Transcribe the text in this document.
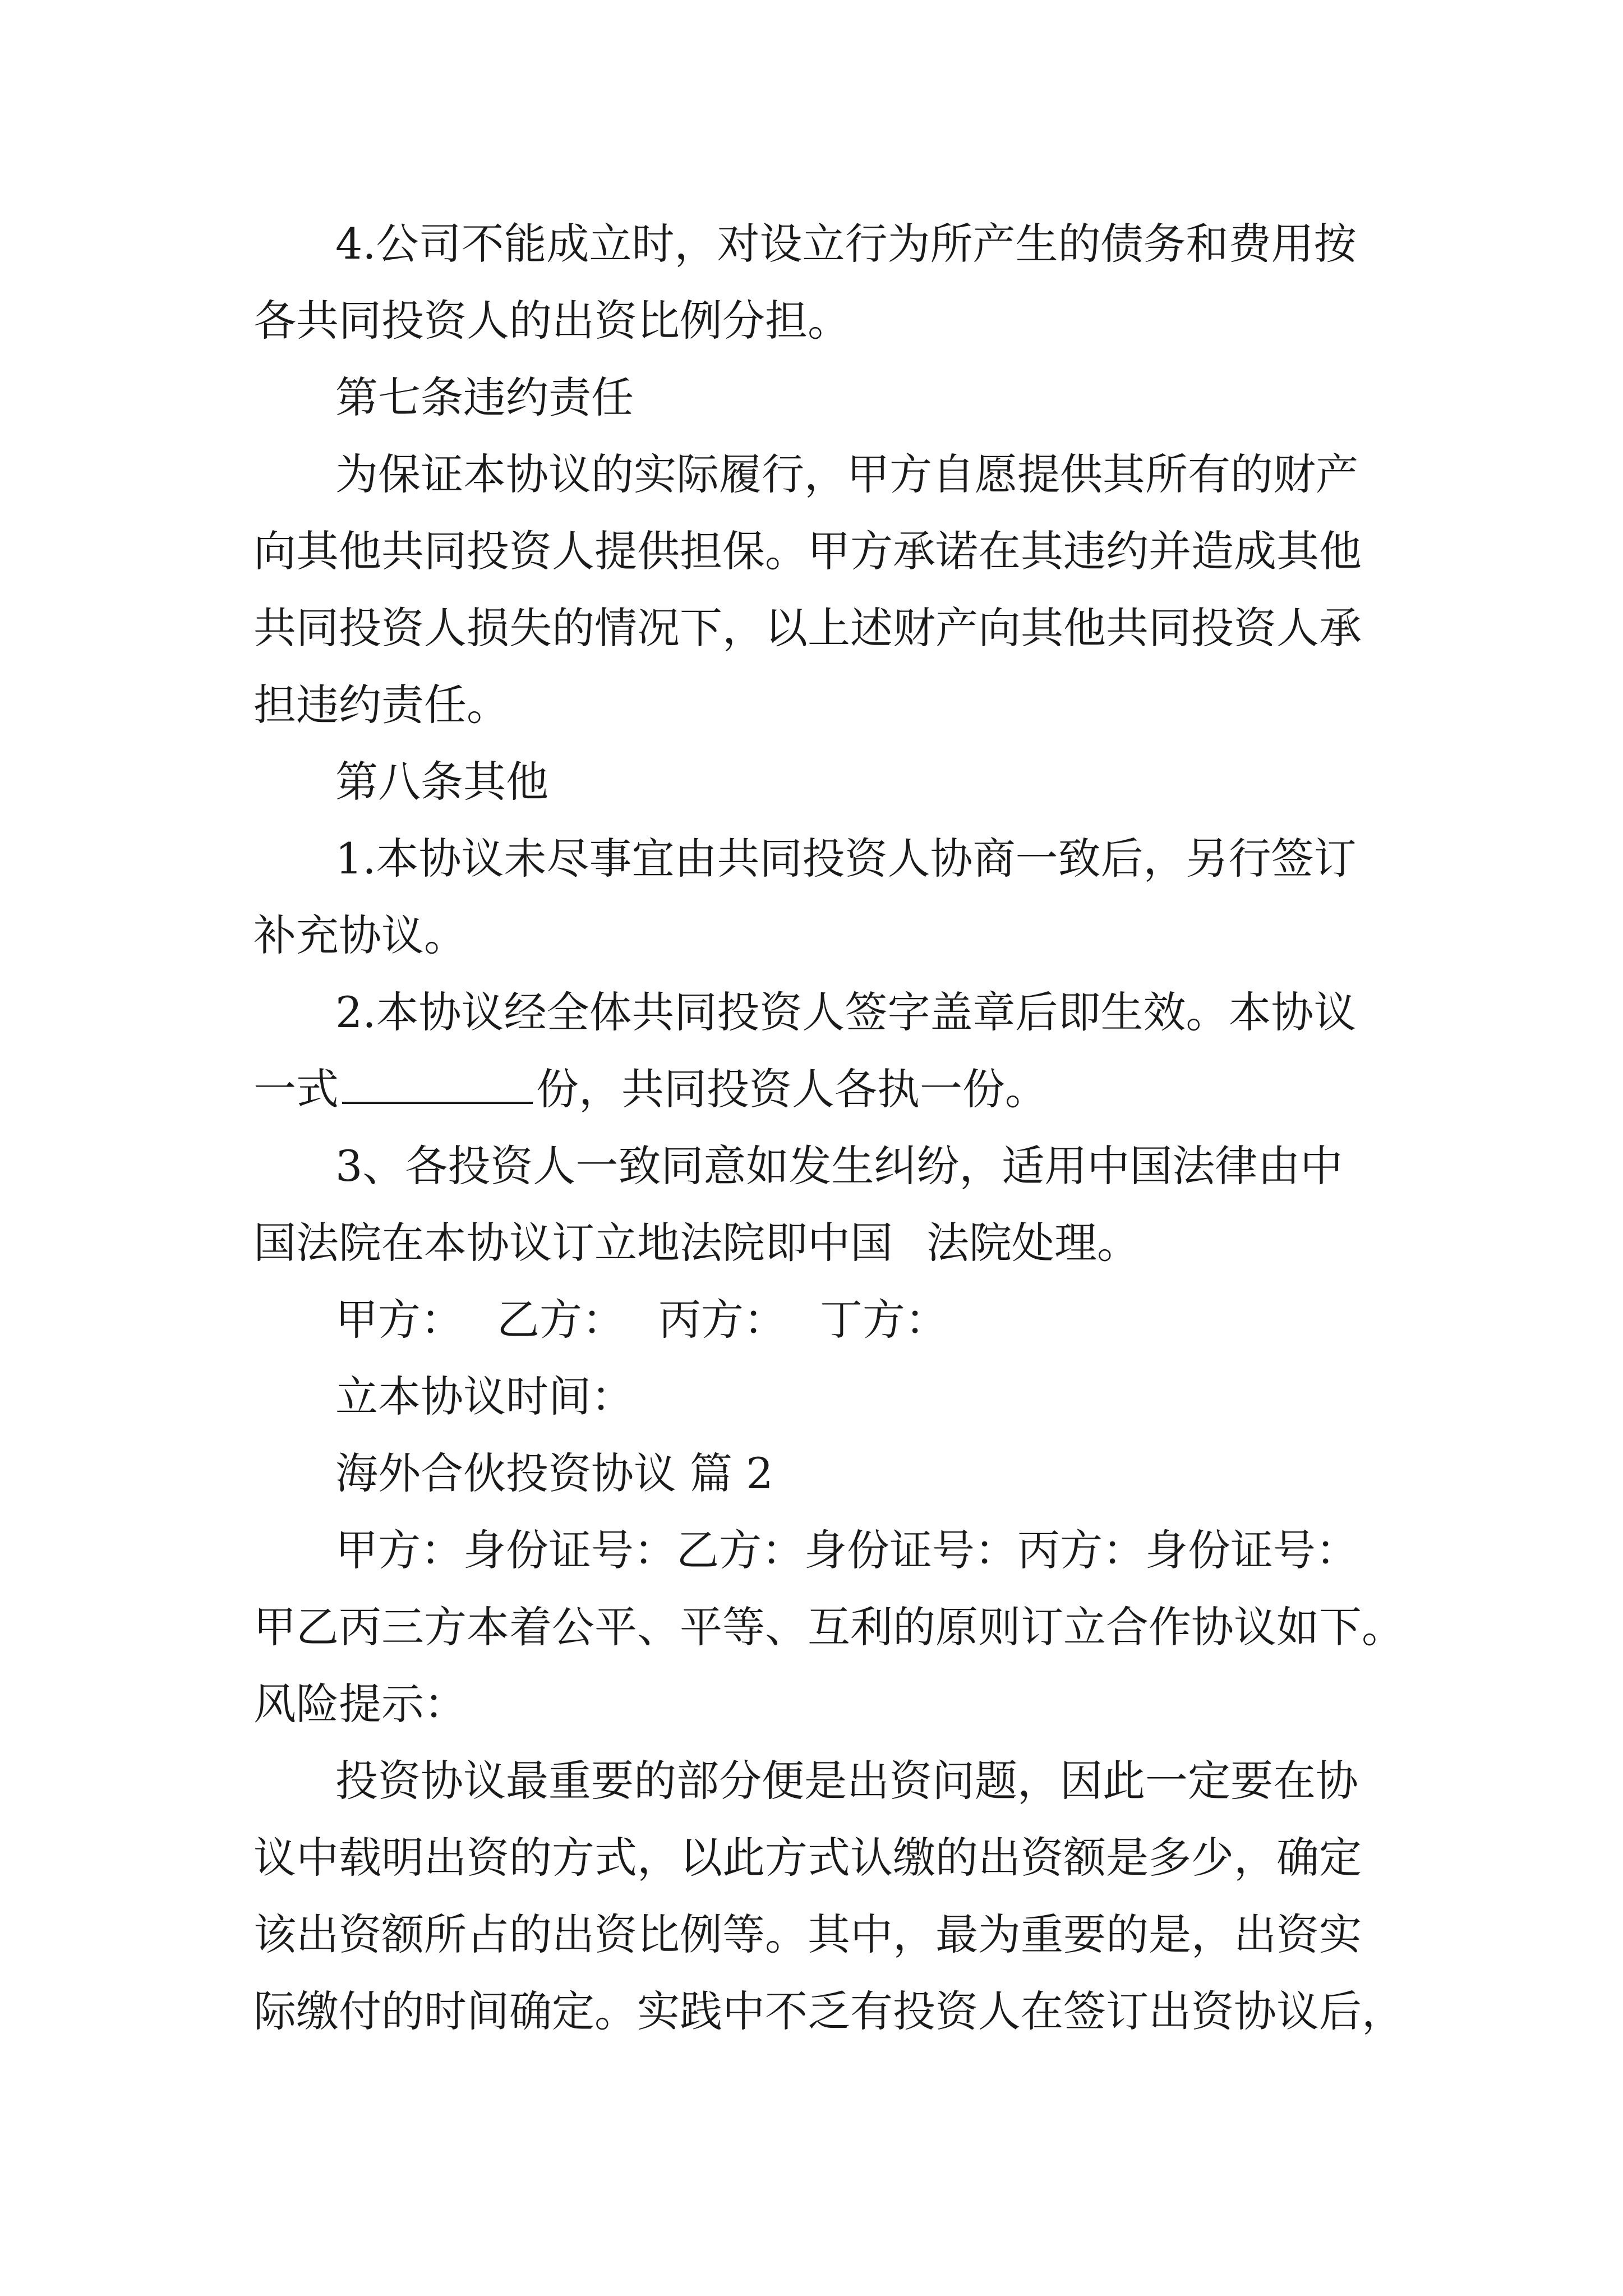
4.公司不能成立时，对设立行为所产生的债务和费用按
各共同投资人的出资比例分担。
第七条违约责任
为保证本协议的实际履行，甲方自愿提供其所有的财产
向其他共同投资人提供担保。甲方承诺在其违约并造成其他
共同投资人损失的情况下，以上述财产向其他共同投资人承
担违约责任。
第八条其他
1.本协议未尽事宜由共同投资人协商一致后，另行签订
补充协议。
2.本协议经全体共同投资人签字盖章后即生效。本协议
一式	份，共同投资人各执一份。
3、各投资人一致同意如发生纠纷，适用中国法律由中
国法院在本协议订立地法院即中国 法院处理。
甲方： 乙方： 丙方： 丁方：
立本协议时间：
海外合伙投资协议 篇 2
甲方：身份证号：乙方：身份证号：丙方：身份证号：
甲乙丙三方本着公平、平等、互利的原则订立合作协议如下。
风险提示：
投资协议最重要的部分便是出资问题，因此一定要在协
议中载明出资的方式，以此方式认缴的出资额是多少，确定
该出资额所占的出资比例等。其中，最为重要的是，出资实
际缴付的时间确定。实践中不乏有投资人在签订出资协议后，
